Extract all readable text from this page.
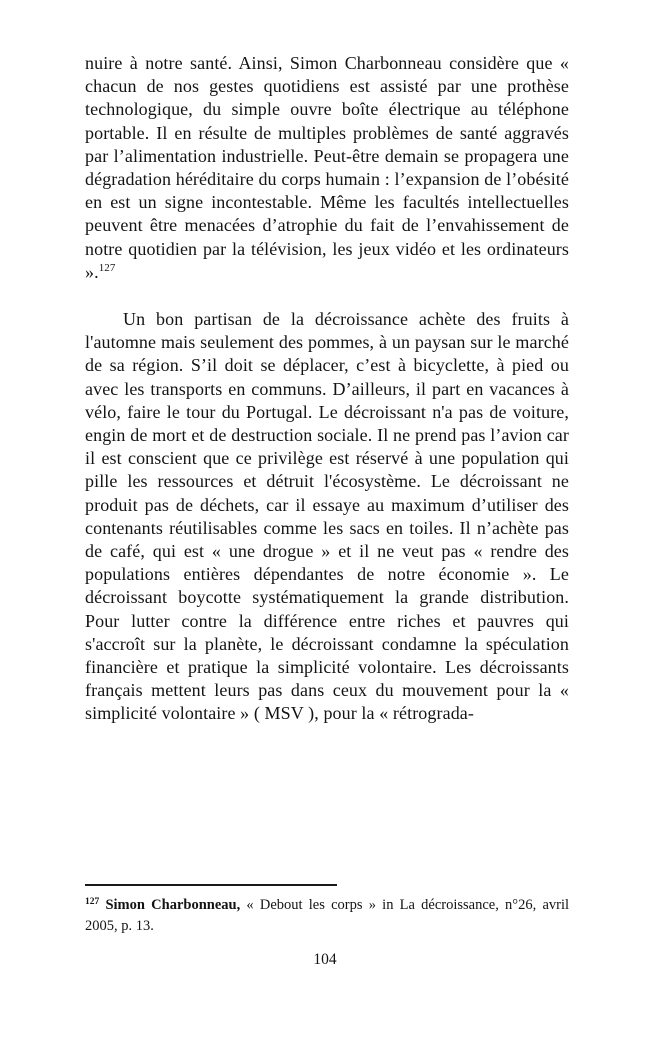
nuire à notre santé. Ainsi, Simon Charbonneau considère que « chacun de nos gestes quotidiens est assisté par une prothèse technologique, du simple ouvre boîte électrique au téléphone portable. Il en résulte de multiples problèmes de santé aggravés par l’alimentation industrielle. Peut-être demain se propagera une dégradation héréditaire du corps humain : l’expansion de l’obésité en est un signe incontestable. Même les facultés intellectuelles peuvent être menacées d’atrophie du fait de l’envahissement de notre quotidien par la télévision, les jeux vidéo et les ordinateurs ».$^{127}$

Un bon partisan de la décroissance achète des fruits à l'automne mais seulement des pommes, à un paysan sur le marché de sa région. S’il doit se déplacer, c’est à bicyclette, à pied ou avec les transports en communs. D’ailleurs, il part en vacances à vélo, faire le tour du Portugal. Le décroissant n'a pas de voiture, engin de mort et de destruction sociale. Il ne prend pas l’avion car il est conscient que ce privilège est réservé à une population qui pille les ressources et détruit l'écosystème. Le décroissant ne produit pas de déchets, car il essaye au maximum d’utiliser des contenants réutilisables comme les sacs en toiles. Il n’achète pas de café, qui est « une drogue » et il ne veut pas « rendre des populations entières dépendantes de notre économie ». Le décroissant boycotte systématiquement la grande distribution. Pour lutter contre la différence entre riches et pauvres qui s'accroît sur la planète, le décroissant condamne la spéculation financière et pratique la simplicité volontaire. Les décroissants français mettent leurs pas dans ceux du mouvement pour la « simplicité volontaire » ( MSV ), pour la « rétrograda-

$^{127}$ Simon Charbonneau, « Debout les corps » in La décroissance, n°26, avril 2005, p. 13.

104
